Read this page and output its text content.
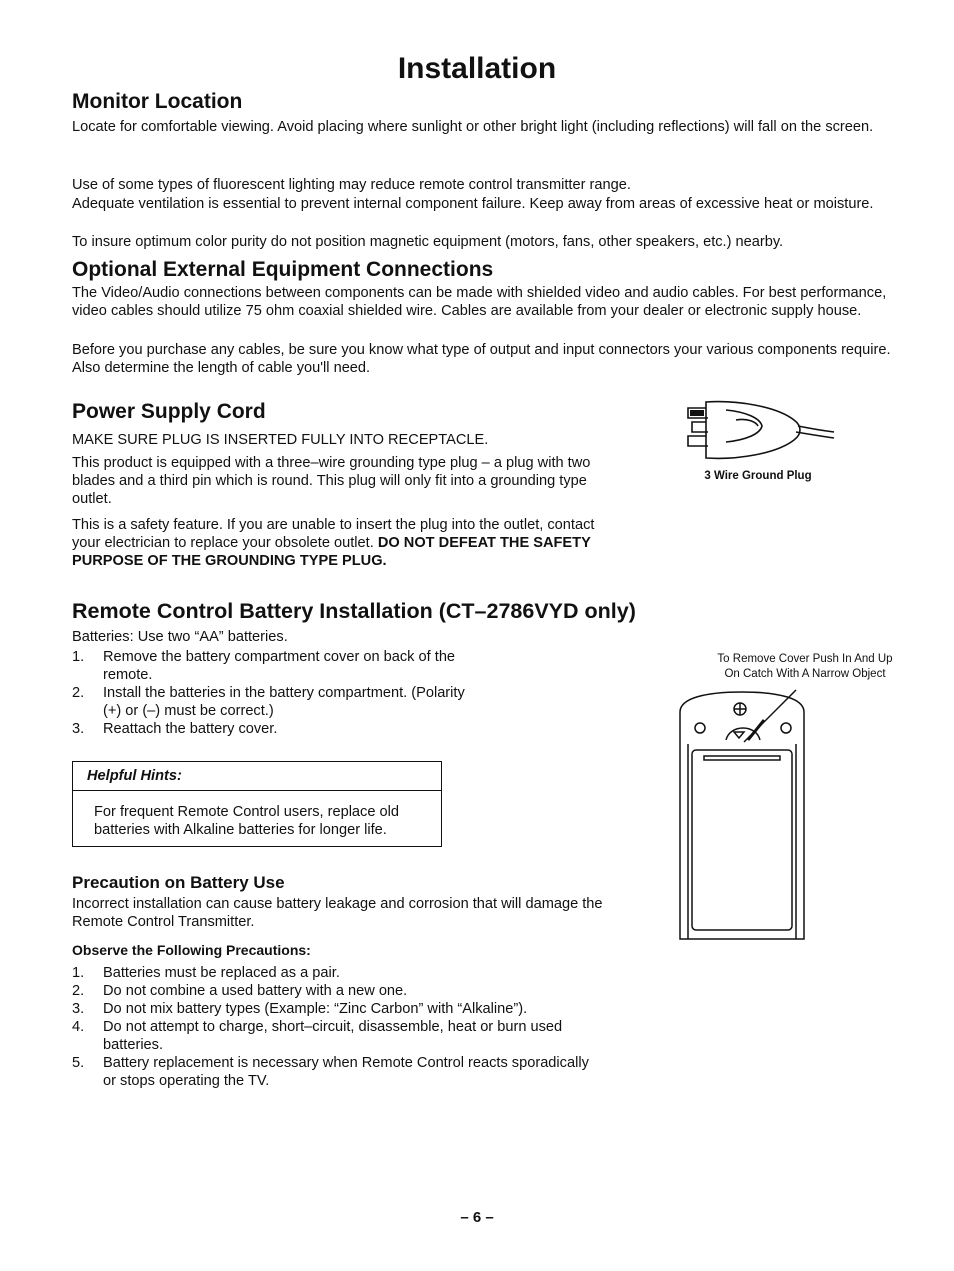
Installation
Monitor Location

Locate for comfortable viewing. Avoid placing where sunlight or other bright light (including reflections) will fall on the screen.

Use of some types of fluorescent lighting may reduce remote control transmitter range.

Adequate ventilation is essential to prevent internal component failure. Keep away from areas of excessive heat or moisture.

To insure optimum color purity do not position magnetic equipment (motors, fans, other speakers, etc.) nearby.

Optional External Equipment Connections

The Video/Audio connections between components can be made with shielded video and audio cables. For best performance, video cables should utilize 75 ohm coaxial shielded wire. Cables are available from your dealer or electronic supply house.

Before you purchase any cables, be sure you know what type of output and input connectors your various components require. Also determine the length of cable you'll need.

Power Supply Cord

MAKE SURE PLUG IS INSERTED FULLY INTO RECEPTACLE.

This product is equipped with a three–wire grounding type plug – a plug with two blades and a third pin which is round. This plug will only fit into a grounding type outlet.

This is a safety feature. If you are unable to insert the plug into the outlet, contact your electrician to replace your obsolete outlet. DO NOT DEFEAT THE SAFETY PURPOSE OF THE GROUNDING TYPE PLUG.

3 Wire Ground Plug
Remote Control Battery Installation (CT–2786VYD only)

Batteries: Use two “AA” batteries.

1. Remove the battery compartment cover on back of the remote.
2. Install the batteries in the battery compartment. (Polarity (+) or (–) must be correct.)
3. Reattach the battery cover.
To Remove Cover Push In And Up
On Catch With A Narrow Object
Helpful Hints:
For frequent Remote Control users, replace old batteries with Alkaline batteries for longer life.
Precaution on Battery Use

Incorrect installation can cause battery leakage and corrosion that will damage the Remote Control Transmitter.

Observe the Following Precautions:
1. Batteries must be replaced as a pair.
2. Do not combine a used battery with a new one.
3. Do not mix battery types (Example: “Zinc Carbon” with “Alkaline”).
4. Do not attempt to charge, short–circuit, disassemble, heat or burn used batteries.
5. Battery replacement is necessary when Remote Control reacts sporadically or stops operating the TV.
– 6 –
